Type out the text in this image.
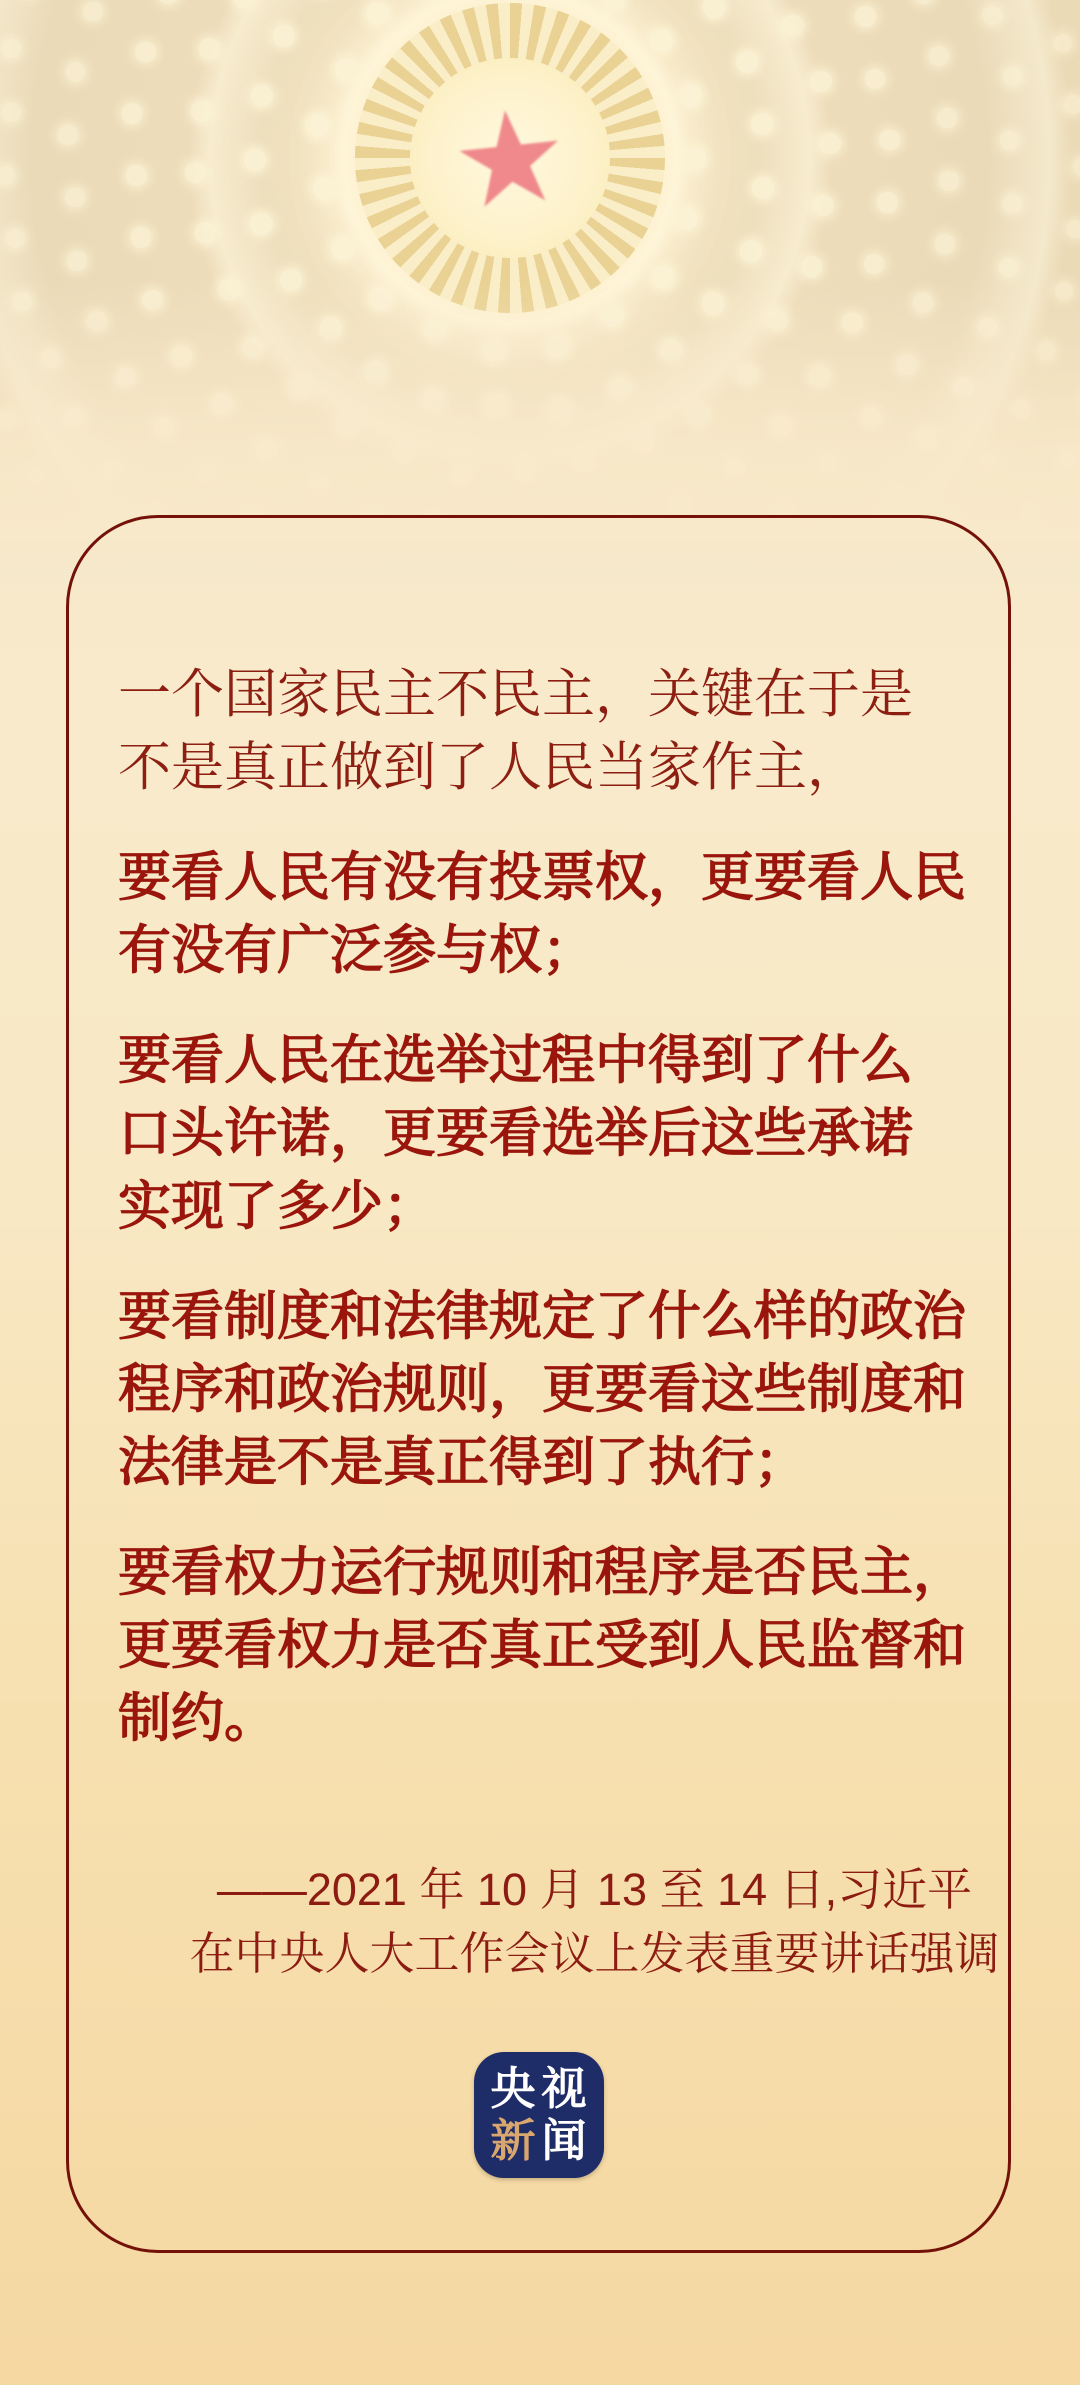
一个国家民主不民主，关键在于是
不是真正做到了人民当家作主，
要看人民有没有投票权，更要看人民
有没有广泛参与权；
要看人民在选举过程中得到了什么
口头许诺，更要看选举后这些承诺
实现了多少；
要看制度和法律规定了什么样的政治
程序和政治规则，更要看这些制度和
法律是不是真正得到了执行；
要看权力运行规则和程序是否民主，
更要看权力是否真正受到人民监督和
制约。
——2021 年 10 月 13 至 14 日,习近平
在中央人大工作会议上发表重要讲话强调
央 视
新 闻
